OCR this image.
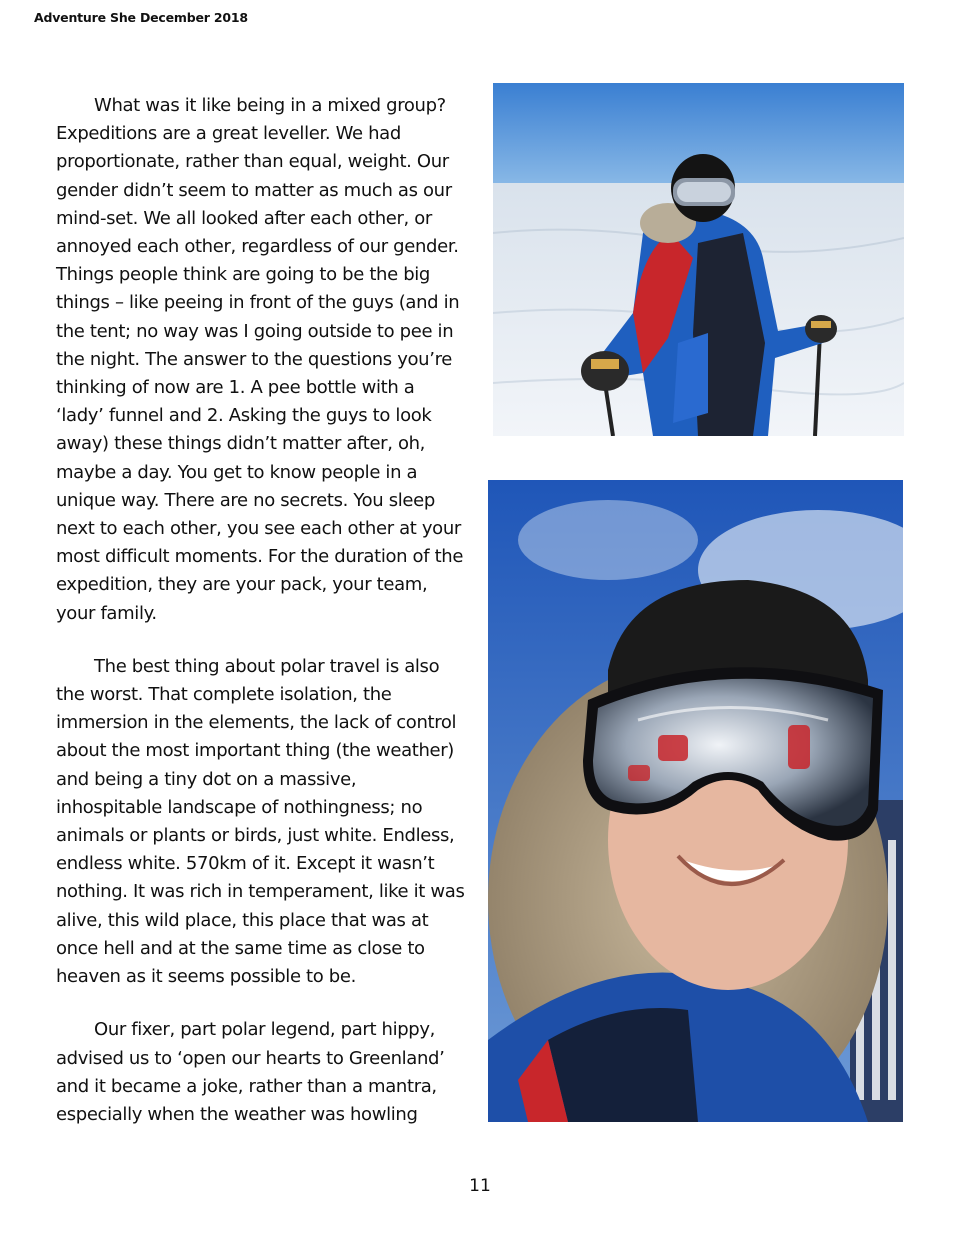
Adventure She December 2018

What was it like being in a mixed group? Expeditions are a great leveller. We had proportionate, rather than equal, weight. Our gender didn’t seem to matter as much as our mind-set. We all looked after each other, or annoyed each other, regardless of our gender. Things people think are going to be the big things – like peeing in front of the guys (and in the tent; no way was I going outside to pee in the night. The answer to the questions you’re thinking of now are 1. A pee bottle with a ‘lady’ funnel and 2. Asking the guys to look away) these things didn’t matter after, oh, maybe a day. You get to know people in a unique way. There are no secrets. You sleep next to each other, you see each other at your most difficult moments. For the duration of the expedition, they are your pack, your team, your family.

The best thing about polar travel is also the worst. That complete isolation, the immersion in the elements, the lack of control about the most important thing (the weather) and being a tiny dot on a massive, inhospitable landscape of nothingness; no animals or plants or birds, just white. Endless, endless white. 570km of it. Except it wasn’t nothing. It was rich in temperament, like it was alive, this wild place, this place that was at once hell and at the same time as close to heaven as it seems possible to be.

Our fixer, part polar legend, part hippy, advised us to ‘open our hearts to Greenland’ and it became a joke, rather than a mantra, especially when the weather was howling

11
